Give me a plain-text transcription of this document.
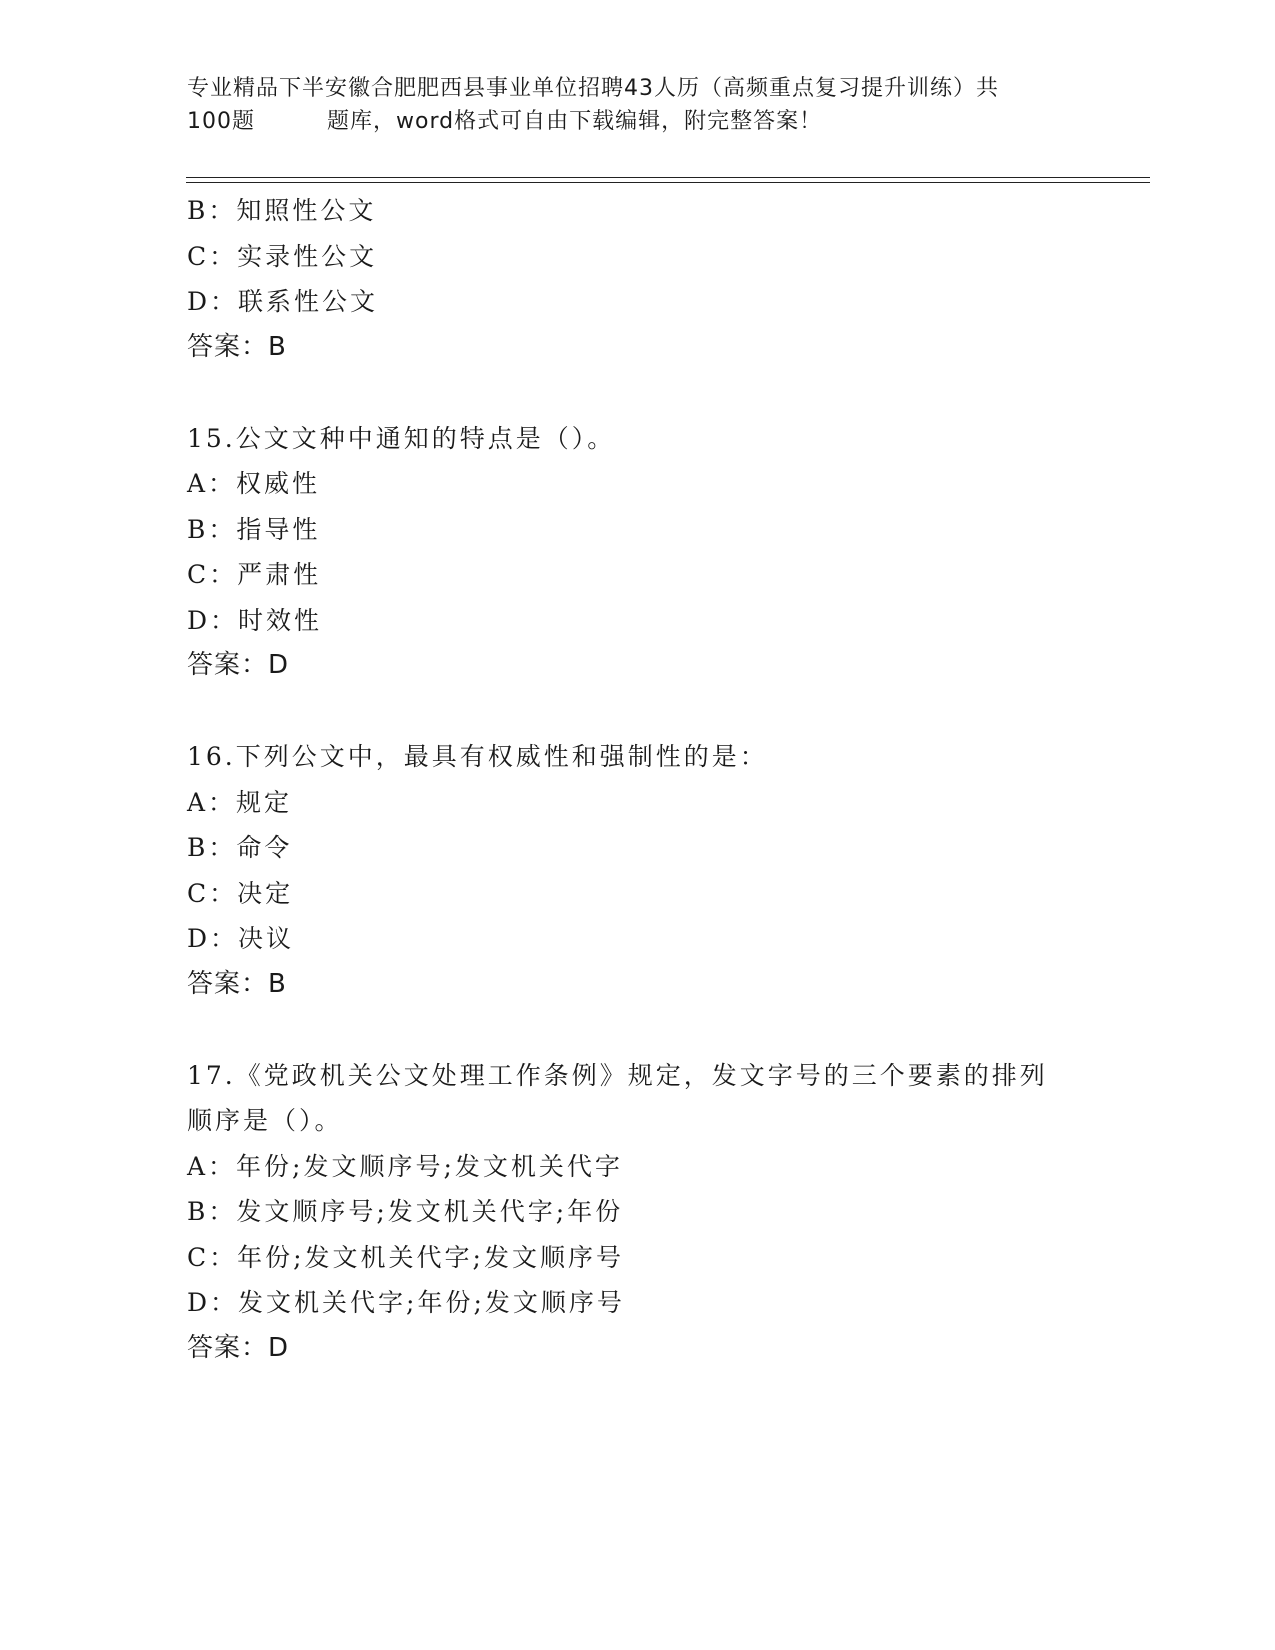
专业精品下半安徽合肥肥西县事业单位招聘43人历（高频重点复习提升训练）共
100题	题库，word格式可自由下载编辑，附完整答案！
B：知照性公文
C：实录性公文
D：联系性公文
答案：B
15.公文文种中通知的特点是（）。
A：权威性
B：指导性
C：严肃性
D：时效性
答案：D
16.下列公文中，最具有权威性和强制性的是：
A：规定
B：命令
C：决定
D：决议
答案：B
17.《党政机关公文处理工作条例》规定，发文字号的三个要素的排列
顺序是（）。
A：年份;发文顺序号;发文机关代字
B：发文顺序号;发文机关代字;年份
C：年份;发文机关代字;发文顺序号
D：发文机关代字;年份;发文顺序号
答案：D
